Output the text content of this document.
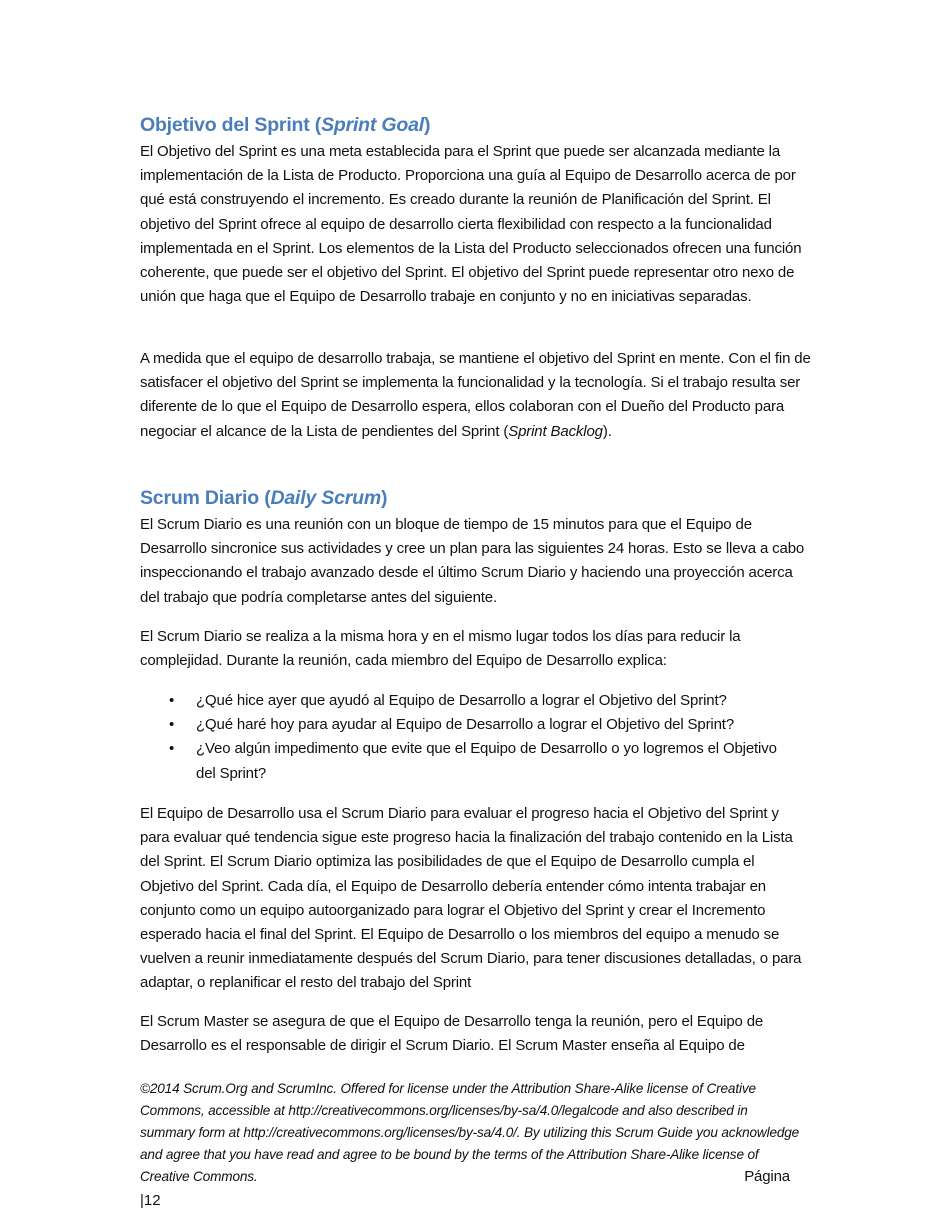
Objetivo del Sprint (Sprint Goal)

El Objetivo del Sprint es una meta establecida para el Sprint que puede ser alcanzada mediante la implementación de la Lista de Producto. Proporciona una guía al Equipo de Desarrollo acerca de por qué está construyendo el incremento. Es creado durante la reunión de Planificación del Sprint. El objetivo del Sprint ofrece al equipo de desarrollo cierta flexibilidad con respecto a la funcionalidad implementada en el Sprint. Los elementos de la Lista del Producto seleccionados ofrecen una función coherente, que puede ser el objetivo del Sprint. El objetivo del Sprint puede representar otro nexo de unión que haga que el Equipo de Desarrollo trabaje en conjunto y no en iniciativas separadas.

A medida que el equipo de desarrollo trabaja, se mantiene el objetivo del Sprint en mente. Con el fin de satisfacer el objetivo del Sprint se implementa la funcionalidad y la tecnología. Si el trabajo resulta ser diferente de lo que el Equipo de Desarrollo espera, ellos colaboran con el Dueño del Producto para negociar el alcance de la Lista de pendientes del Sprint (Sprint Backlog).

Scrum Diario (Daily Scrum)

El Scrum Diario es una reunión con un bloque de tiempo de 15 minutos para que el Equipo de Desarrollo sincronice sus actividades y cree un plan para las siguientes 24 horas. Esto se lleva a cabo inspeccionando el trabajo avanzado desde el último Scrum Diario y haciendo una proyección acerca del trabajo que podría completarse antes del siguiente.

El Scrum Diario se realiza a la misma hora y en el mismo lugar todos los días para reducir la complejidad. Durante la reunión, cada miembro del Equipo de Desarrollo explica:

• ¿Qué hice ayer que ayudó al Equipo de Desarrollo a lograr el Objetivo del Sprint?
• ¿Qué haré hoy para ayudar al Equipo de Desarrollo a lograr el Objetivo del Sprint?
• ¿Veo algún impedimento que evite que el Equipo de Desarrollo o yo logremos el Objetivo del Sprint?

El Equipo de Desarrollo usa el Scrum Diario para evaluar el progreso hacia el Objetivo del Sprint y para evaluar qué tendencia sigue este progreso hacia la finalización del trabajo contenido en la Lista del Sprint. El Scrum Diario optimiza las posibilidades de que el Equipo de Desarrollo cumpla el Objetivo del Sprint. Cada día, el Equipo de Desarrollo debería entender cómo intenta trabajar en conjunto como un equipo autoorganizado para lograr el Objetivo del Sprint y crear el Incremento esperado hacia el final del Sprint. El Equipo de Desarrollo o los miembros del equipo a menudo se vuelven a reunir inmediatamente después del Scrum Diario, para tener discusiones detalladas, o para adaptar, o replanificar el resto del trabajo del Sprint

El Scrum Master se asegura de que el Equipo de Desarrollo tenga la reunión, pero el Equipo de Desarrollo es el responsable de dirigir el Scrum Diario. El Scrum Master enseña al Equipo de

©2014 Scrum.Org and ScrumInc. Offered for license under the Attribution Share-Alike license of Creative Commons, accessible at http://creativecommons.org/licenses/by-sa/4.0/legalcode and also described in summary form at http://creativecommons.org/licenses/by-sa/4.0/. By utilizing this Scrum Guide you acknowledge and agree that you have read and agree to be bound by the terms of the Attribution Share-Alike license of Creative Commons.	Página
|12
